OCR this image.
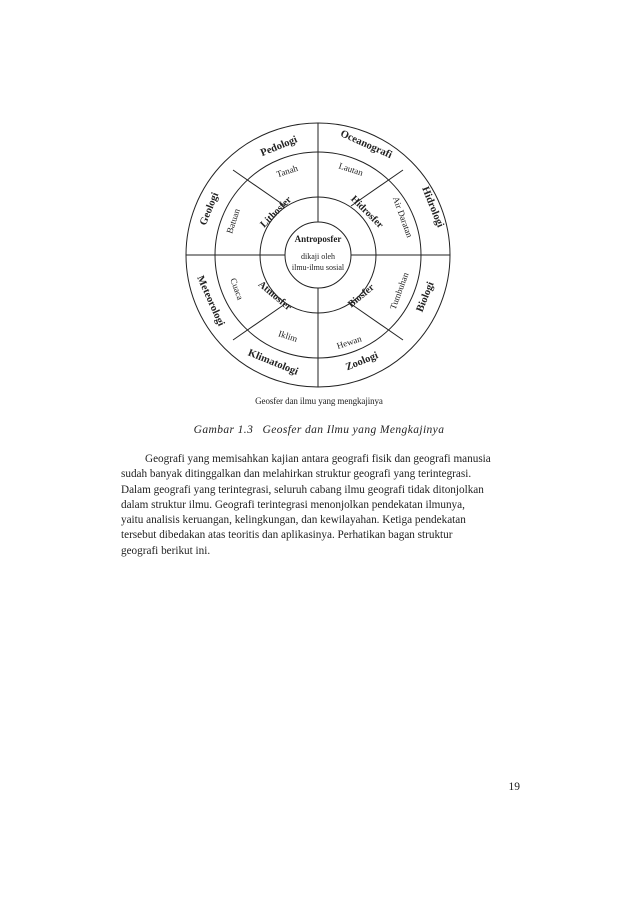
Antroposfer
dikaji oleh
ilmu-ilmu sosial
Lithosfer	Hidrosfer
Biosfer
Atmosfer
Tanah
Batuan
Lautan
Air Daratan
Tumbuhan
Hewan
Iklim
Cuaca
Pedologi
Geologi
Oceanografi
Hidrologi
Biologi
Zoologi
Klimatologi
Meteorologi
Geosfer dan ilmu yang mengkajinya
Gambar 1.3 Geosfer dan Ilmu yang Mengkajinya
Geografi yang memisahkan kajian antara geografi fisik dan geografi manusia
sudah banyak ditinggalkan dan melahirkan struktur geografi yang terintegrasi.
Dalam geografi yang terintegrasi, seluruh cabang ilmu geografi tidak ditonjolkan
dalam struktur ilmu. Geografi terintegrasi menonjolkan pendekatan ilmunya,
yaitu analisis keruangan, kelingkungan, dan kewilayahan. Ketiga pendekatan
tersebut dibedakan atas teoritis dan aplikasinya. Perhatikan bagan struktur
geografi berikut ini.
19
